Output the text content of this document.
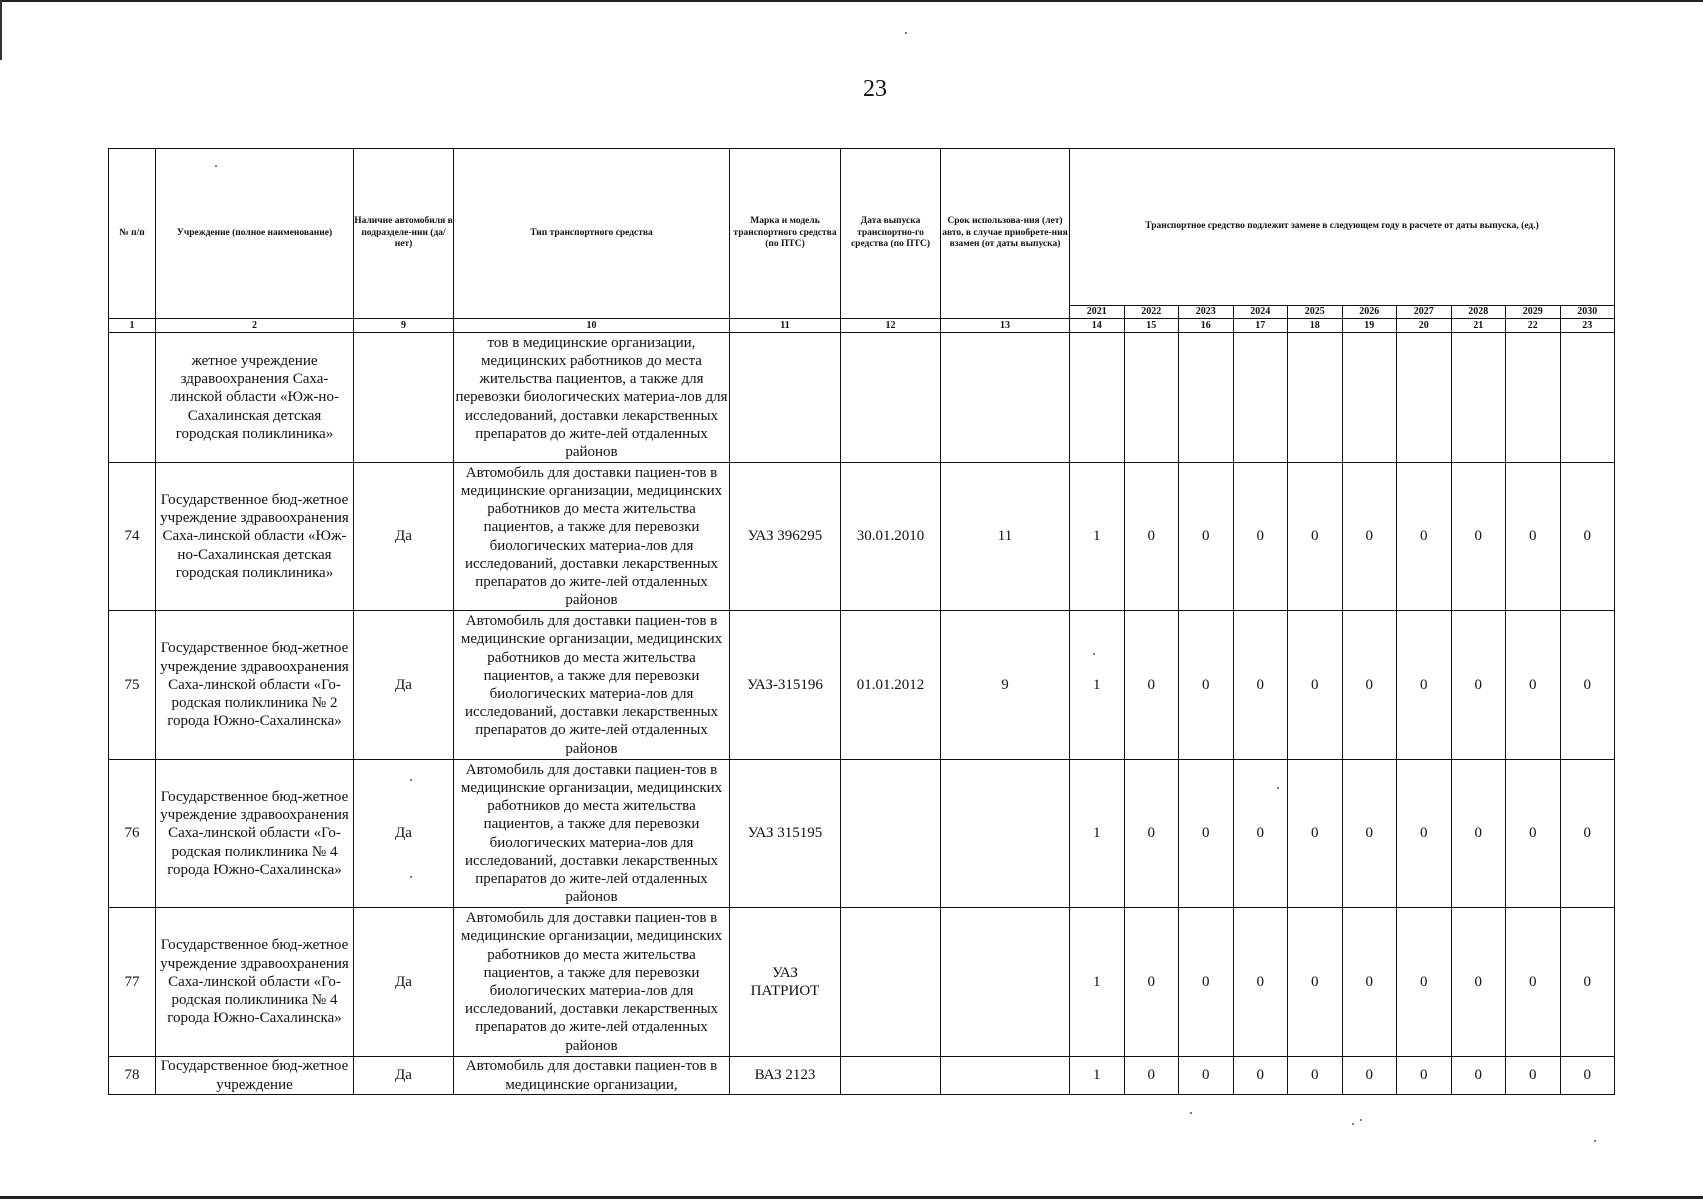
23
№ п/п	Учреждение (полное наименование)	Наличие автомобиля в подразделе-нии (да/нет)	Тип транспортного средства	Марка и модель транспортного средства (по ПТС)	Дата выпуска транспортно-го средства (по ПТС)	Срок использова-ния (лет) авто, в случае приобрете-ния взамен (от даты выпуска)	Транспортное средство подлежит замене в следующем году в расчете от даты выпуска, (ед.)									
							2021	2022	2023	2024	2025	2026	2027	2028	2029	2030
1	2	9	10	11	12	13	14	15	16	17	18	19	20	21	22	23
	жетное учреждение здравоохранения Саха-линской области «Юж-но-Сахалинская детская городская поликлиника»		тов в медицинские организации, медицинских работников до места жительства пациентов, а также для перевозки биологических материа-лов для исследований, доставки лекарственных препаратов до жите-лей отдаленных районов													
74	Государственное бюд-жетное учреждение здравоохранения Саха-линской области «Юж-но-Сахалинская детская городская поликлиника»	Да	Автомобиль для доставки пациен-тов в медицинские организации, медицинских работников до места жительства пациентов, а также для перевозки биологических материа-лов для исследований, доставки лекарственных препаратов до жите-лей отдаленных районов	УАЗ 396295	30.01.2010	11	1	0	0	0	0	0	0	0	0	0
75	Государственное бюд-жетное учреждение здравоохранения Саха-линской области «Го-родская поликлиника № 2 города Южно-Сахалинска»	Да	Автомобиль для доставки пациен-тов в медицинские организации, медицинских работников до места жительства пациентов, а также для перевозки биологических материа-лов для исследований, доставки лекарственных препаратов до жите-лей отдаленных районов	УАЗ-315196	01.01.2012	9	1	0	0	0	0	0	0	0	0	0
76	Государственное бюд-жетное учреждение здравоохранения Саха-линской области «Го-родская поликлиника № 4 города Южно-Сахалинска»	Да	Автомобиль для доставки пациен-тов в медицинские организации, медицинских работников до места жительства пациентов, а также для перевозки биологических материа-лов для исследований, доставки лекарственных препаратов до жите-лей отдаленных районов	УАЗ 315195			1	0	0	0	0	0	0	0	0	0
77	Государственное бюд-жетное учреждение здравоохранения Саха-линской области «Го-родская поликлиника № 4 города Южно-Сахалинска»	Да	Автомобиль для доставки пациен-тов в медицинские организации, медицинских работников до места жительства пациентов, а также для перевозки биологических материа-лов для исследований, доставки лекарственных препаратов до жите-лей отдаленных районов	УАЗ ПАТРИОТ			1	0	0	0	0	0	0	0	0	0
78	Государственное бюд-жетное учреждение	Да	Автомобиль для доставки пациен-тов в медицинские организации,	ВАЗ 2123			1	0	0	0	0	0	0	0	0	0
